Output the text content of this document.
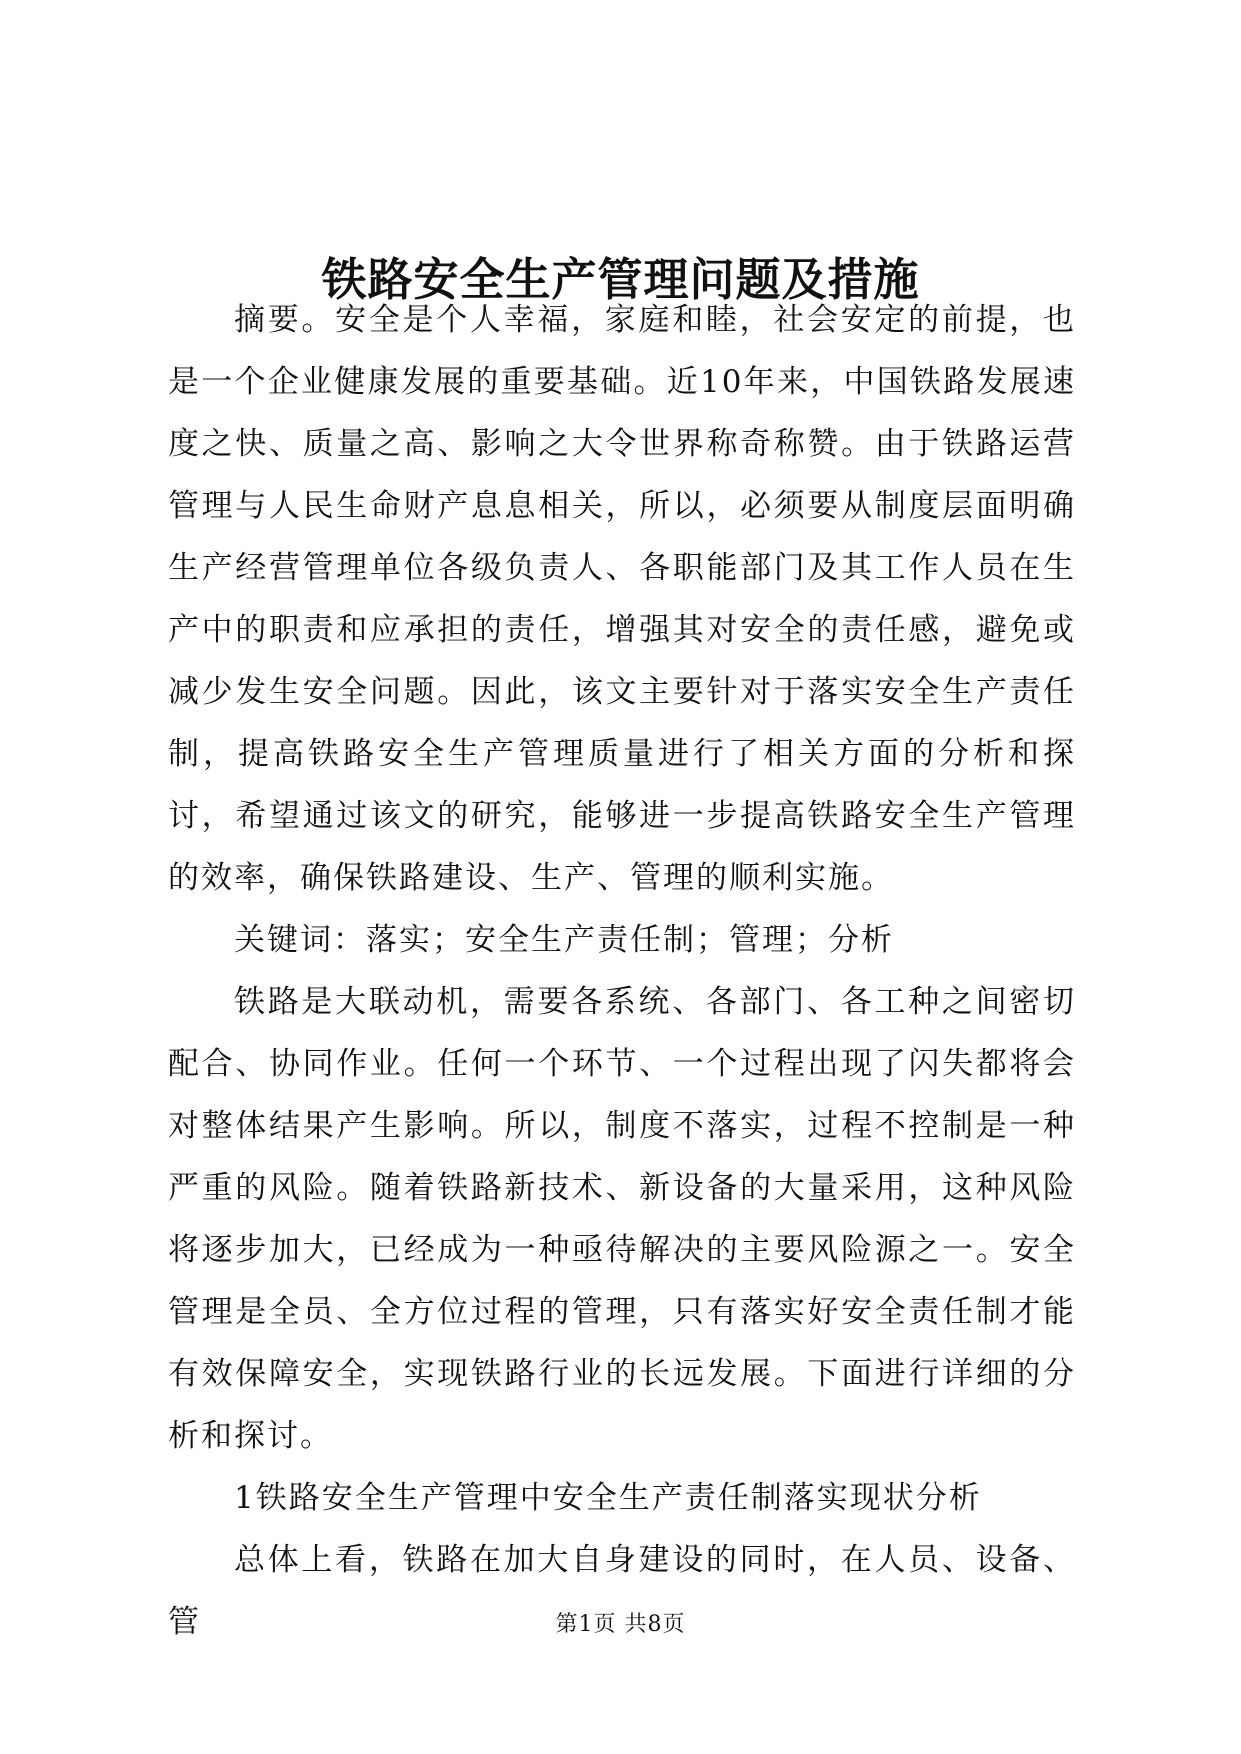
铁路安全生产管理问题及措施

摘要。安全是个人幸福，家庭和睦，社会安定的前提，也是一个企业健康发展的重要基础。近10年来，中国铁路发展速度之快、质量之高、影响之大令世界称奇称赞。由于铁路运营管理与人民生命财产息息相关，所以，必须要从制度层面明确生产经营管理单位各级负责人、各职能部门及其工作人员在生产中的职责和应承担的责任，增强其对安全的责任感，避免或减少发生安全问题。因此，该文主要针对于落实安全生产责任制，提高铁路安全生产管理质量进行了相关方面的分析和探讨，希望通过该文的研究，能够进一步提高铁路安全生产管理的效率，确保铁路建设、生产、管理的顺利实施。

关键词：落实；安全生产责任制；管理；分析

铁路是大联动机，需要各系统、各部门、各工种之间密切配合、协同作业。任何一个环节、一个过程出现了闪失都将会对整体结果产生影响。所以，制度不落实，过程不控制是一种严重的风险。随着铁路新技术、新设备的大量采用，这种风险将逐步加大，已经成为一种亟待解决的主要风险源之一。安全管理是全员、全方位过程的管理，只有落实好安全责任制才能有效保障安全，实现铁路行业的长远发展。下面进行详细的分析和探讨。

1铁路安全生产管理中安全生产责任制落实现状分析

总体上看，铁路在加大自身建设的同时，在人员、设备、管	第1页 共8页
